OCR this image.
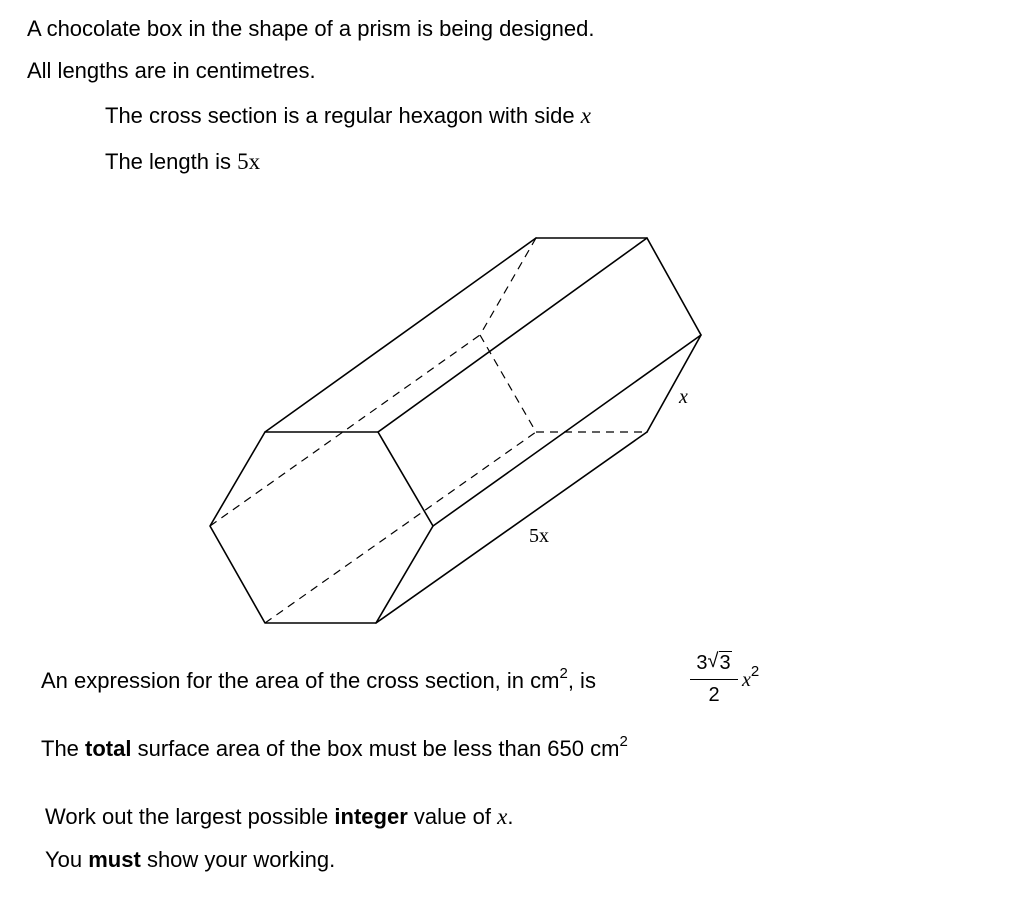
A chocolate box in the shape of a prism is being designed.
All lengths are in centimetres.
The cross section is a regular hexagon with side x
The length is 5x
x
5x
An expression for the area of the cross section, in $cm^2$, is
3 √ 3
2
$x^2$
The total surface area of the box must be less than 650 $cm^2$
Work out the largest possible integer value of x.
You must show your working.
